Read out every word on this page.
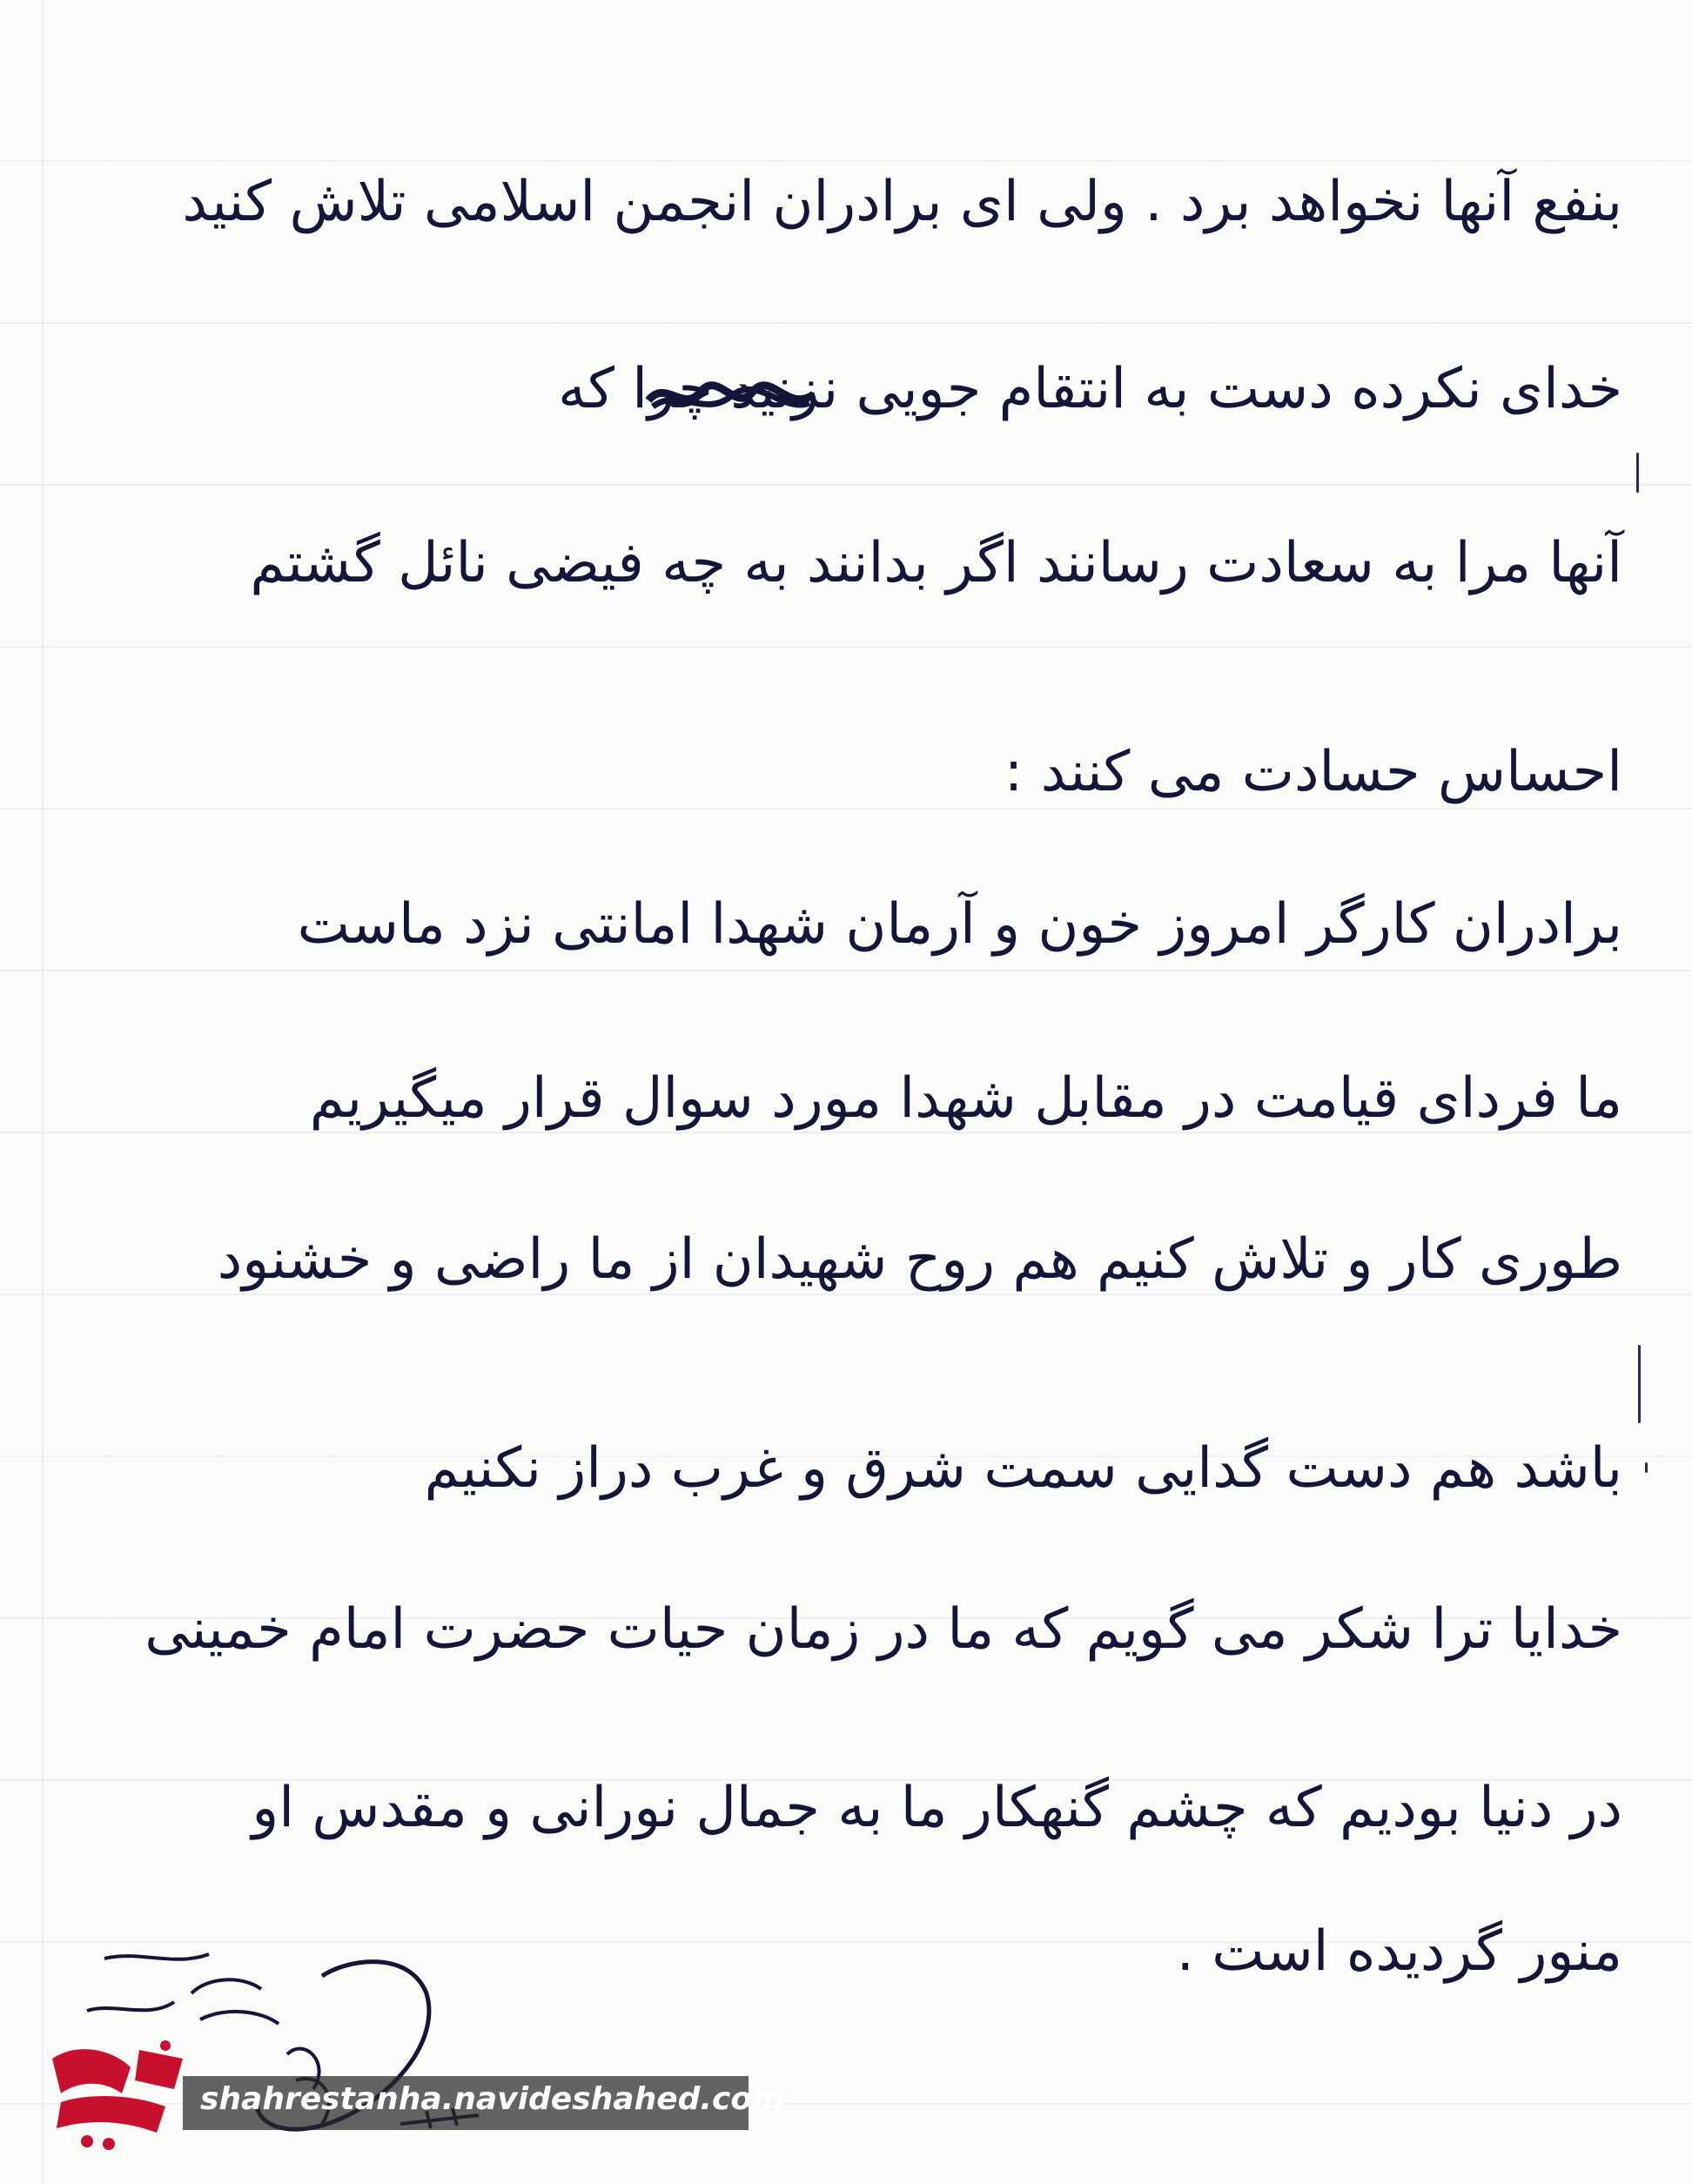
بنفع آنها نخواهد برد . ولی ای برادران انجمن اسلامی تلاش کنید
خدای نکرده دست به انتقام جویی نزنید چرا که
آنها مرا به سعادت رسانند اگر بدانند به چه فیضی نائل گشتم
احساس حسادت می کنند :
برادران کارگر امروز خون و آرمان شهدا امانتی نزد ماست
ما فردای قیامت در مقابل شهدا مورد سوال قرار میگیریم
طوری کار و تلاش کنیم هم روح شهیدان از ما راضی و خشنود
باشد هم دست گدایی سمت شرق و غرب دراز نکنیم
خدایا ترا شکر می گویم که ما در زمان حیات حضرت امام خمینی
در دنیا بودیم که چشم گنهکار ما به جمال نورانی و مقدس او
منور گردیده است .
shahrestanha.navideshahed.com
